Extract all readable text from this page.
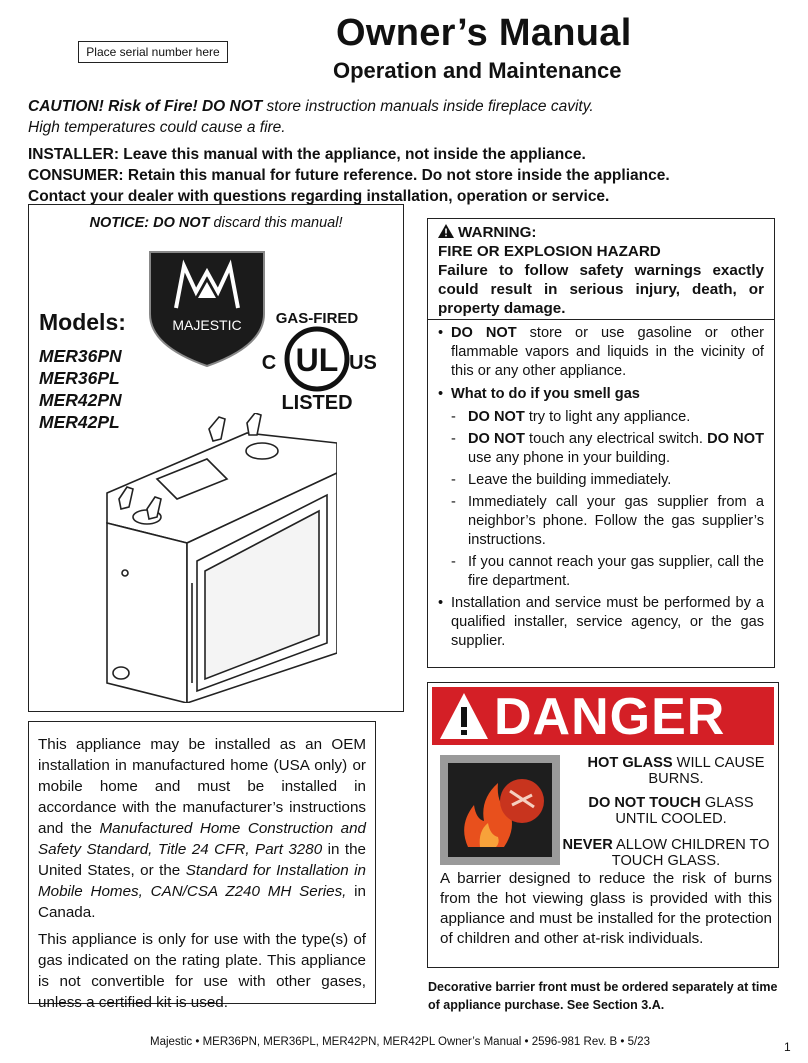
Place serial number here	Owner’s Manual
Operation and Maintenance
CAUTION! Risk of Fire! DO NOT store instruction manuals inside fireplace cavity.
High temperatures could cause a fire.
INSTALLER: Leave this manual with the appliance, not inside the appliance.
CONSUMER: Retain this manual for future reference. Do not store inside the appliance.
Contact your dealer with questions regarding installation, operation or service.
NOTICE: DO NOT discard this manual!
MAJESTIC
Models:
MER36PN
MER36PL
MER42PN
MER42PL
GAS-FIRED
UL
C	US
LISTED

This appliance may be installed as an OEM installation in manufactured home (USA only) or mobile home and must be installed in accordance with the manufacturer’s instructions and the Manufactured Home Construction and Safety Standard, Title 24 CFR, Part 3280 in the United States, or the Standard for Installation in Mobile Homes, CAN/CSA Z240 MH Series, in Canada.

This appliance is only for use with the type(s) of gas indicated on the rating plate. This appliance is not convertible for use with other gases, unless a certified kit is used.

WARNING:
FIRE OR EXPLOSION HAZARD
Failure to follow safety warnings exactly could result in serious injury, death, or property damage.
• DO NOT store or use gasoline or other flammable vapors and liquids in the vicinity of this or any other appliance.
• What to do if you smell gas
- DO NOT try to light any appliance.
- DO NOT touch any electrical switch. DO NOT use any phone in your building.
- Leave the building immediately.
- Immediately call your gas supplier from a neighbor’s phone. Follow the gas supplier’s instructions.
- If you cannot reach your gas supplier, call the fire department.
• Installation and service must be performed by a qualified installer, service agency, or the gas supplier.
DANGER
HOT GLASS WILL CAUSE BURNS.
DO NOT TOUCH GLASS UNTIL COOLED.
NEVER ALLOW CHILDREN TO TOUCH GLASS.
A barrier designed to reduce the risk of burns from the hot viewing glass is provided with this appliance and must be installed for the protection of children and other at-risk individuals.
Decorative barrier front must be ordered separately at time of appliance purchase. See Section 3.A.
Majestic • MER36PN, MER36PL, MER42PN, MER42PL Owner’s Manual • 2596-981 Rev. B • 5/23	1
